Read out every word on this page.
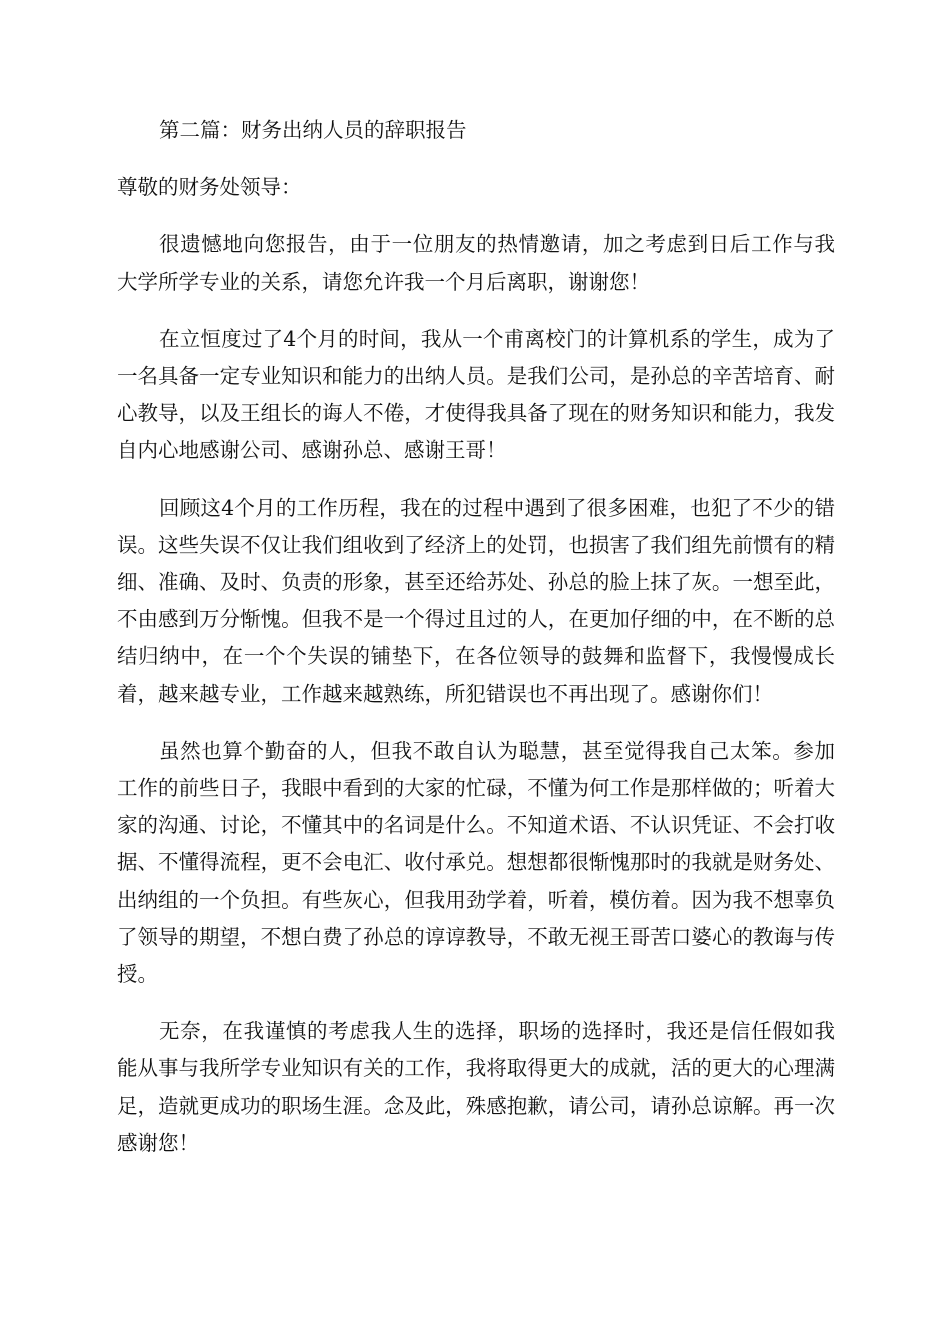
第二篇：财务出纳人员的辞职报告

尊敬的财务处领导：

很遗憾地向您报告，由于一位朋友的热情邀请，加之考虑到日后工作与我大学所学专业的关系，请您允许我一个月后离职，谢谢您！

在立恒度过了4个月的时间，我从一个甫离校门的计算机系的学生，成为了一名具备一定专业知识和能力的出纳人员。是我们公司，是孙总的辛苦培育、耐心教导，以及王组长的诲人不倦，才使得我具备了现在的财务知识和能力，我发自内心地感谢公司、感谢孙总、感谢王哥！

回顾这4个月的工作历程，我在的过程中遇到了很多困难，也犯了不少的错误。这些失误不仅让我们组收到了经济上的处罚，也损害了我们组先前惯有的精细、准确、及时、负责的形象，甚至还给苏处、孙总的脸上抹了灰。一想至此，不由感到万分惭愧。但我不是一个得过且过的人，在更加仔细的中，在不断的总结归纳中，在一个个失误的铺垫下，在各位领导的鼓舞和监督下，我慢慢成长着，越来越专业，工作越来越熟练，所犯错误也不再出现了。感谢你们！

虽然也算个勤奋的人，但我不敢自认为聪慧，甚至觉得我自己太笨。参加工作的前些日子，我眼中看到的大家的忙碌，不懂为何工作是那样做的；听着大家的沟通、讨论，不懂其中的名词是什么。不知道术语、不认识凭证、不会打收据、不懂得流程，更不会电汇、收付承兑。想想都很惭愧那时的我就是财务处、出纳组的一个负担。有些灰心，但我用劲学着，听着，模仿着。因为我不想辜负了领导的期望，不想白费了孙总的谆谆教导，不敢无视王哥苦口婆心的教诲与传授。

无奈，在我谨慎的考虑我人生的选择，职场的选择时，我还是信任假如我能从事与我所学专业知识有关的工作，我将取得更大的成就，活的更大的心理满足，造就更成功的职场生涯。念及此，殊感抱歉，请公司，请孙总谅解。再一次感谢您！
